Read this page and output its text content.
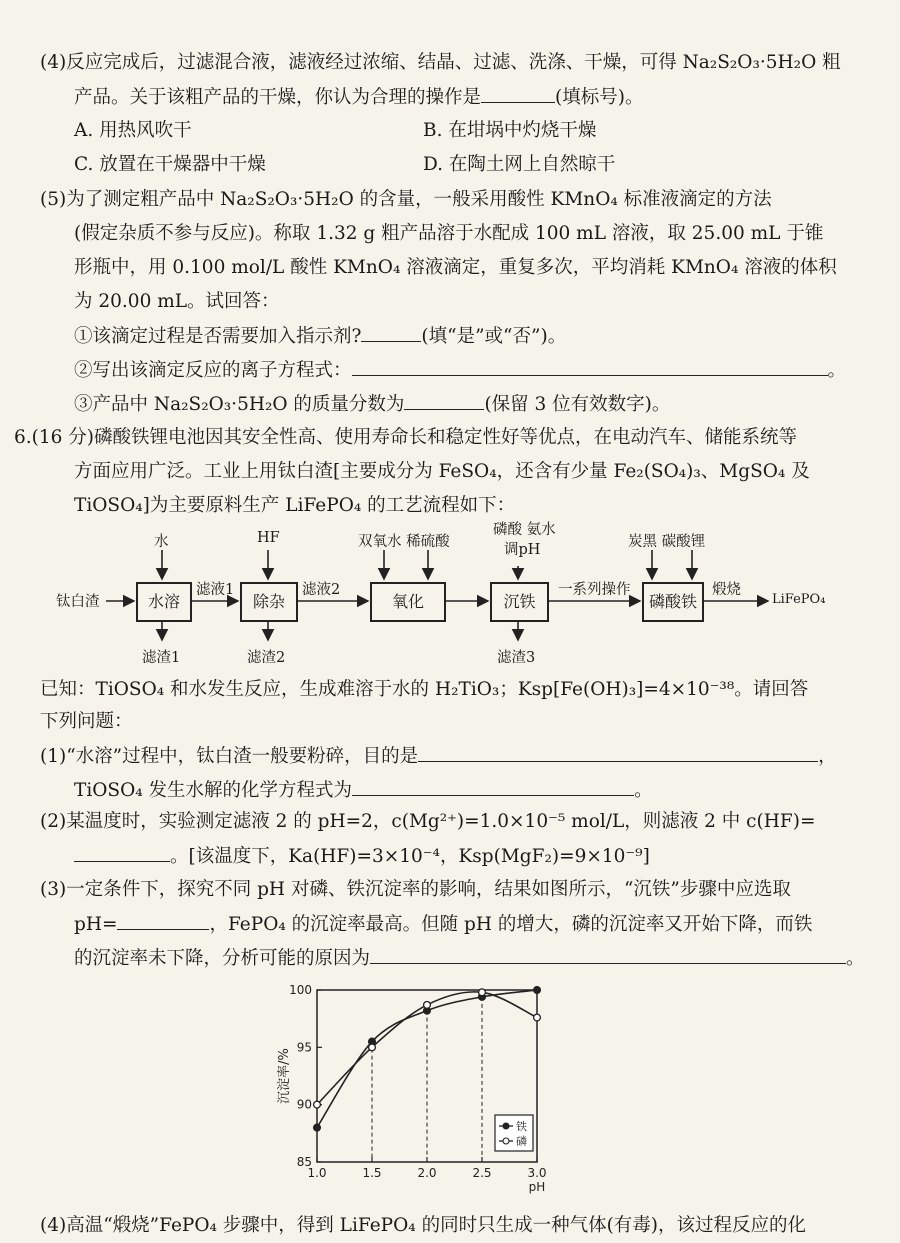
(4)反应完成后，过滤混合液，滤液经过浓缩、结晶、过滤、洗涤、干燥，可得 Na₂S₂O₃·5H₂O 粗
产品。关于该粗产品的干燥，你认为合理的操作是	(填标号)。
A. 用热风吹干	B. 在坩埚中灼烧干燥
C. 放置在干燥器中干燥	D. 在陶土网上自然晾干
(5)为了测定粗产品中 Na₂S₂O₃·5H₂O 的含量，一般采用酸性 KMnO₄ 标准液滴定的方法
(假定杂质不参与反应)。称取 1.32 g 粗产品溶于水配成 100 mL 溶液，取 25.00 mL 于锥
形瓶中，用 0.100 mol/L 酸性 KMnO₄ 溶液滴定，重复多次，平均消耗 KMnO₄ 溶液的体积
为 20.00 mL。试回答：
①该滴定过程是否需要加入指示剂?	(填“是”或“否”)。
②写出该滴定反应的离子方程式：	。
③产品中 Na₂S₂O₃·5H₂O 的质量分数为	(保留 3 位有效数字)。
6.(16 分)磷酸铁锂电池因其安全性高、使用寿命长和稳定性好等优点，在电动汽车、储能系统等
方面应用广泛。工业上用钛白渣[主要成分为 FeSO₄，还含有少量 Fe₂(SO₄)₃、MgSO₄ 及
TiOSO₄]为主要原料生产 LiFePO₄ 的工艺流程如下：
钛白渣	水溶	除杂	氧化	沉铁	磷酸铁
水	HF	双氧水 稀硫酸
磷酸 氨水
调pH	炭黑 碳酸锂
滤液1	滤液2	一系列操作	煅烧
LiFePO₄
滤渣1	滤渣2	滤渣3
已知：TiOSO₄ 和水发生反应，生成难溶于水的 H₂TiO₃；Ksp[Fe(OH)₃]=4×10⁻³⁸。请回答
下列问题：
(1)“水溶”过程中，钛白渣一般要粉碎，目的是	，
TiOSO₄ 发生水解的化学方程式为	。
(2)某温度时，实验测定滤液 2 的 pH=2，c(Mg²⁺)=1.0×10⁻⁵ mol/L，则滤液 2 中 c(HF)=
。[该温度下，Ka(HF)=3×10⁻⁴，Ksp(MgF₂)=9×10⁻⁹]
(3)一定条件下，探究不同 pH 对磷、铁沉淀率的影响，结果如图所示，“沉铁”步骤中应选取
pH=	，FePO₄ 的沉淀率最高。但随 pH 的增大，磷的沉淀率又开始下降，而铁
的沉淀率未下降，分析可能的原因为	。
1.0	1.5	2.0	2.5	3.0
85
90
95
100
pH
沉淀率/%
铁
磷
(4)高温“煅烧”FePO₄ 步骤中，得到 LiFePO₄ 的同时只生成一种气体(有毒)，该过程反应的化
